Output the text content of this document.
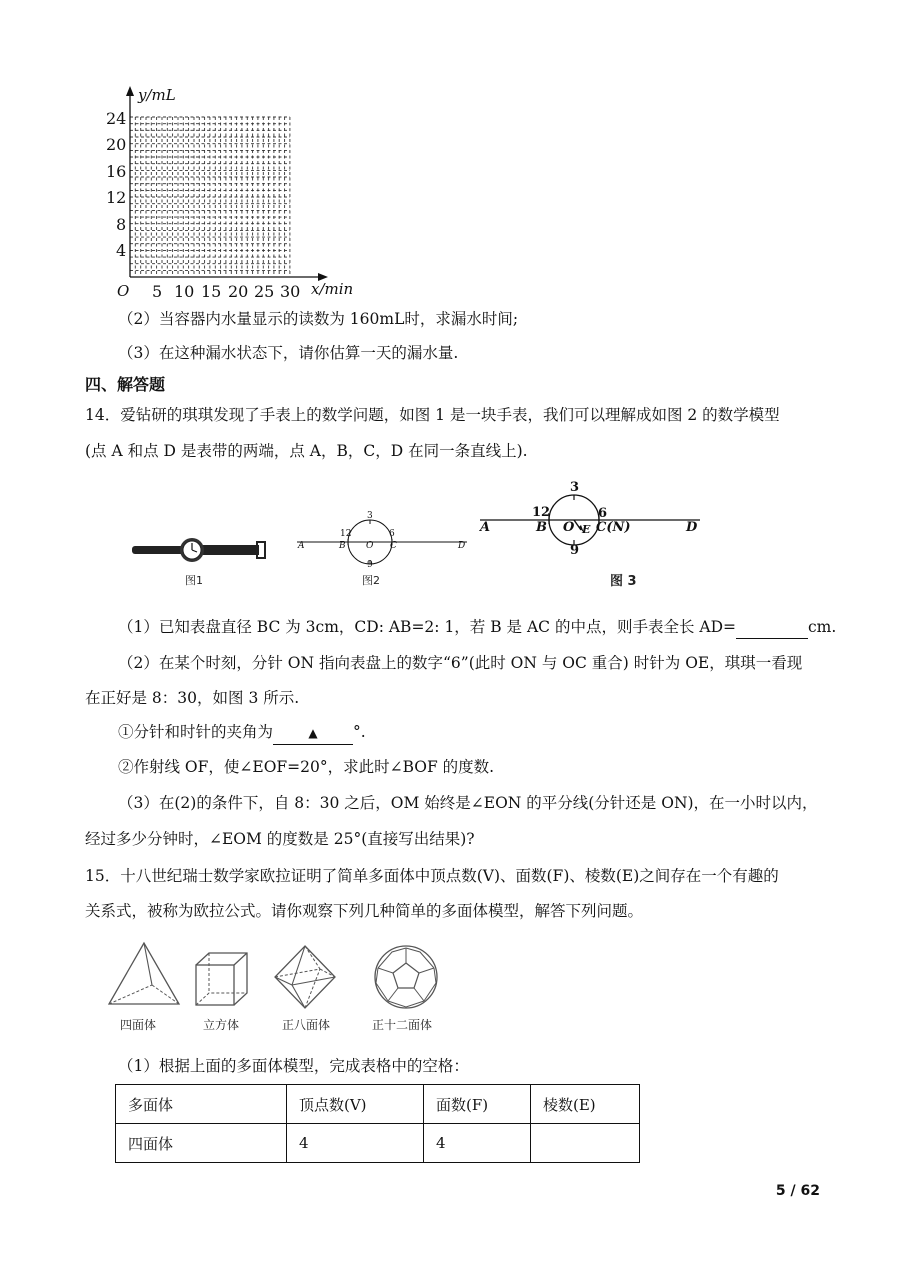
y/mL
x/min
O
24
20
16
12
8
4
5 10 15 20 25 30
（2）当容器内水量显示的读数为 160mL时，求漏水时间;
（3）在这种漏水状态下，请你估算一天的漏水量.
四、解答题
14．爱钻研的琪琪发现了手表上的数学问题，如图 1 是一块手表，我们可以理解成如图 2 的数学模型
(点 A 和点 D 是表带的两端，点 A，B，C，D 在同一条直线上).
图1
A	B O C	D
12
3
6
9
图2
A	B O E C(N)	D
12
3
6
9
图 3
（1）已知表盘直径 BC 为 3cm，CD: AB=2: 1，若 B 是 AC 的中点，则手表全长 AD=	cm.
（2）在某个时刻，分针 ON 指向表盘上的数字“6”(此时 ON 与 OC 重合) 时针为 OE，琪琪一看现
在正好是 8：30，如图 3 所示.
①分针和时针的夹角为	▲ °.
②作射线 OF，使∠EOF=20°，求此时∠BOF 的度数.
（3）在(2)的条件下，自 8：30 之后，OM 始终是∠EON 的平分线(分针还是 ON)，在一小时以内，
经过多少分钟时，∠EOM 的度数是 25°(直接写出结果)?
15．十八世纪瑞士数学家欧拉证明了简单多面体中顶点数(V)、面数(F)、棱数(E)之间存在一个有趣的
关系式，被称为欧拉公式。请你观察下列几种简单的多面体模型，解答下列问题。
四面体	立方体	正八面体	正十二面体
（1）根据上面的多面体模型，完成表格中的空格：
多面体	顶点数(V)	面数(F)	棱数(E)
四面体	4	4	
5 / 62
